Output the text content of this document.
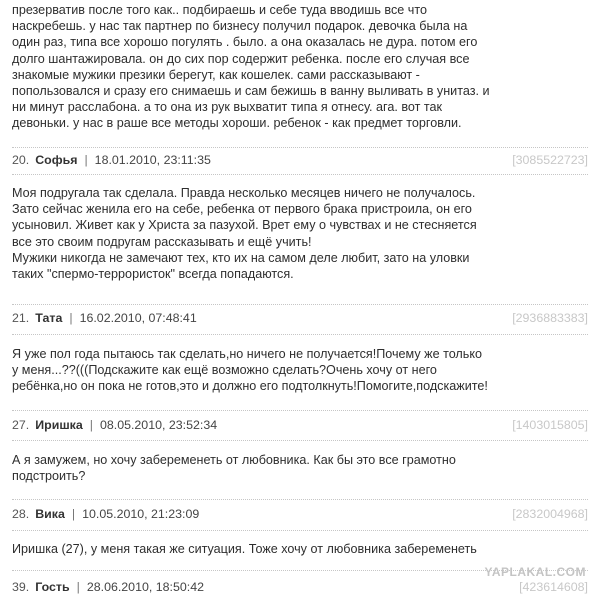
презерватив после того как.. подбираешь и себе туда вводишь все что
наскребешь. у нас так партнер по бизнесу получил подарок. девочка была на
один раз, типа все хорошо погулять . было. а она оказалась не дура. потом его
долго шантажировала. он до сих пор содержит ребенка. после его случая все
знакомые мужики презики берегут, как кошелек. сами рассказывают -
попользовался и сразу его снимаешь и сам бежишь в ванну выливать в унитаз. и
ни минут расслабона. а то она из рук выхватит типа я отнесу. ага. вот так
девоньки. у нас в раше все методы хороши. ребенок - как предмет торговли.
20. Софья | 18.01.2010, 23:11:35	[3085522723]
Моя подругала так сделала. Правда несколько месяцев ничего не получалось.
Зато сейчас женила его на себе, ребенка от первого брака пристроила, он его
усыновил. Живет как у Христа за пазухой. Врет ему о чувствах и не стесняется
все это своим подругам рассказывать и ещё учить!
Мужики никогда не замечают тех, кто их на самом деле любит, зато на уловки
таких "спермо-террористок" всегда попадаются.
21. Тата | 16.02.2010, 07:48:41	[2936883383]
Я уже пол года пытаюсь так сделать,но ничего не получается!Почему же только
у меня...??(((Подскажите как ещё возможно сделать?Очень хочу от него
ребёнка,но он пока не готов,это и должно его подтолкнуть!Помогите,подскажите!
27. Иришка | 08.05.2010, 23:52:34	[1403015805]
А я замужем, но хочу забеременеть от любовника. Как бы это все грамотно
подстроить?
28. Вика | 10.05.2010, 21:23:09	[2832004968]
Иришка (27), у меня такая же ситуация. Тоже хочу от любовника забеременеть
39. Гость | 28.06.2010, 18:50:42	[423614608]
YAPLAKAL.COM
